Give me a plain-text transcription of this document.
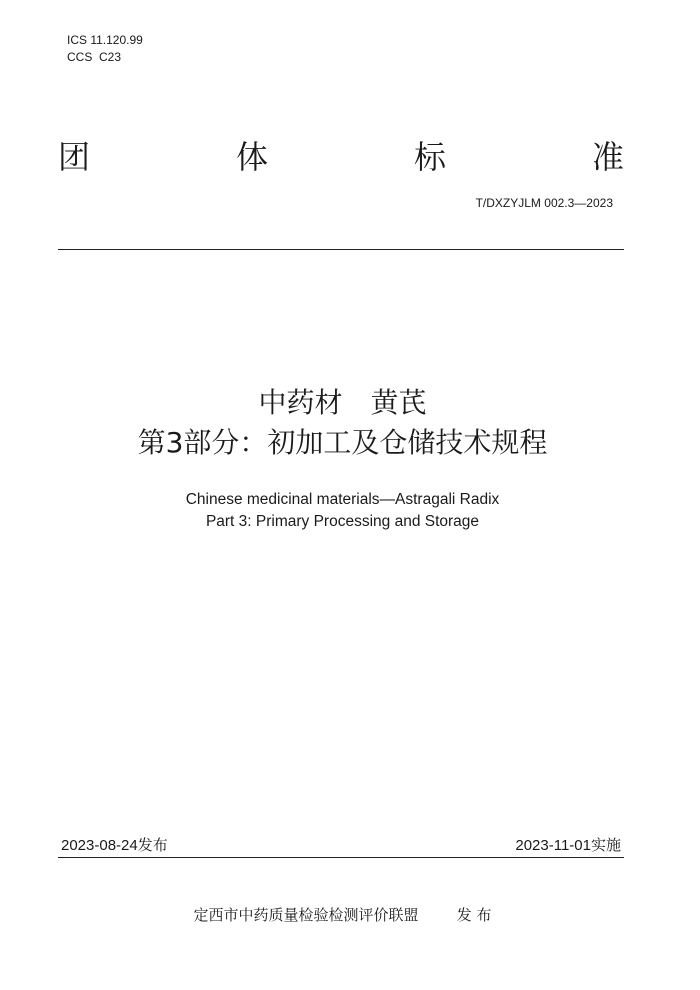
ICS 11.120.99
CCS  C23
团	体	标	准
T/DXZYJLM 002.3—2023
中药材　黄芪
第3部分：初加工及仓储技术规程
Chinese medicinal materials—Astragali Radix
Part 3: Primary Processing and Storage
2023-08-24发布	2023-11-01实施
定西市中药质量检验检测评价联盟	发 布
